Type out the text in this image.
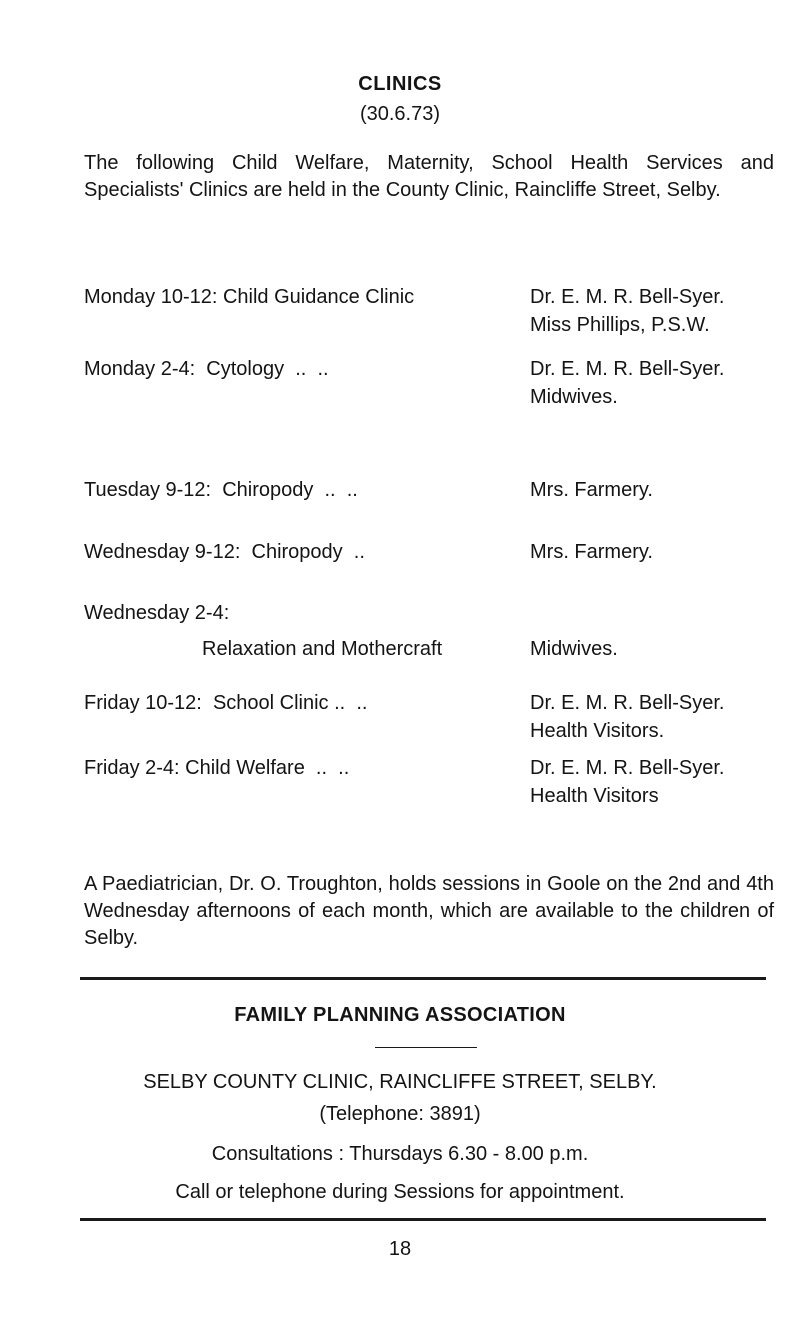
CLINICS
(30.6.73)
The following Child Welfare, Maternity, School Health Services and Specialists' Clinics are held in the County Clinic, Raincliffe Street, Selby.
Monday 10-12: Child Guidance Clinic	Dr. E. M. R. Bell-Syer.
Miss Phillips, P.S.W.
Monday 2-4:  Cytology  ..  ..	Dr. E. M. R. Bell-Syer.
Midwives.
Tuesday 9-12:  Chiropody  ..  ..	Mrs. Farmery.
Wednesday 9-12:  Chiropody  ..	Mrs. Farmery.
Wednesday 2-4:
Relaxation and Mothercraft	Midwives.
Friday 10-12:  School Clinic ..  ..	Dr. E. M. R. Bell-Syer.
Health Visitors.
Friday 2-4: Child Welfare  ..  ..	Dr. E. M. R. Bell-Syer.
Health Visitors
A Paediatrician, Dr. O. Troughton, holds sessions in Goole on the 2nd and 4th Wednesday afternoons of each month, which are available to the children of Selby.
FAMILY PLANNING ASSOCIATION
SELBY COUNTY CLINIC, RAINCLIFFE STREET, SELBY.
(Telephone: 3891)
Consultations : Thursdays 6.30 - 8.00 p.m.
Call or telephone during Sessions for appointment.
18
